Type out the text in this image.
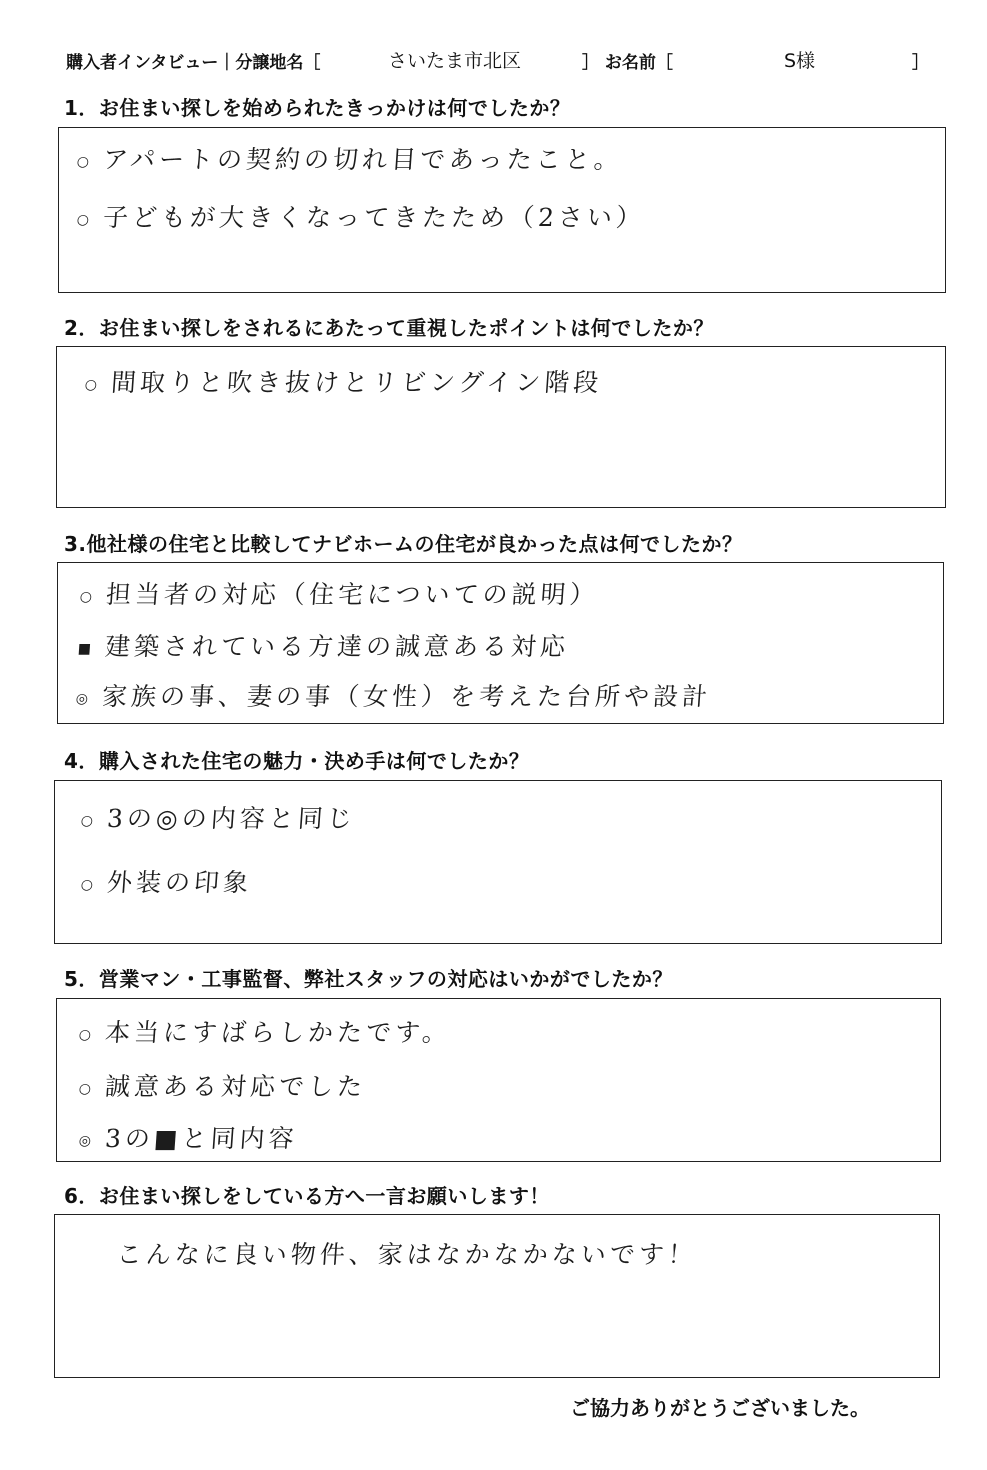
購入者インタビュー｜分譲地名［	さいたま市北区	］ お名前［	S様	］
1．お住まい探しを始められたきっかけは何でしたか？
○ アパートの契約の切れ目であったこと。
○ 子どもが大きくなってきたため（2さい）
2．お住まい探しをされるにあたって重視したポイントは何でしたか？
○ 間取りと吹き抜けとリビングイン階段
3.他社様の住宅と比較してナビホームの住宅が良かった点は何でしたか？
○ 担当者の対応（住宅についての説明）
■ 建築されている方達の誠意ある対応
◎ 家族の事、妻の事（女性）を考えた台所や設計
4．購入された住宅の魅力・決め手は何でしたか？
○ 3の◎の内容と同じ
○ 外装の印象
5．営業マン・工事監督、弊社スタッフの対応はいかがでしたか？
○ 本当にすばらしかたです。
○ 誠意ある対応でした
◎ 3の■と同内容
6．お住まい探しをしている方へ一言お願いします！
こんなに良い物件、家はなかなかないです！
ご協力ありがとうございました。
